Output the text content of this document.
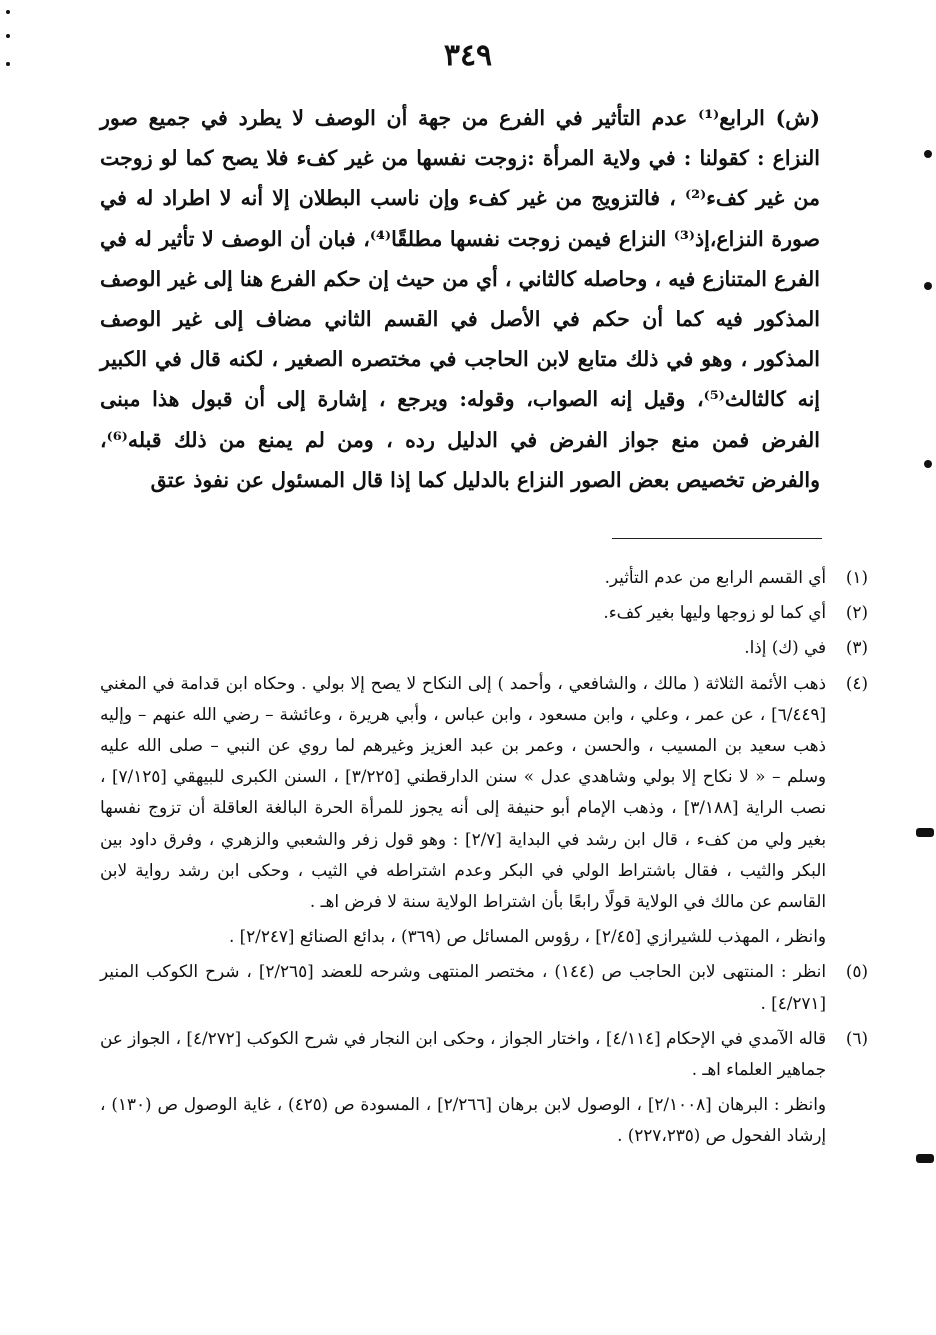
٣٤٩

(ش) الرابع⁽¹⁾ عدم التأثير في الفرع من جهة أن الوصف لا يطرد في جميع صور النزاع : كقولنا : في ولاية المرأة :زوجت نفسها من غير كفء فلا يصح كما لو زوجت من غير كفء⁽²⁾ ، فالتزويج من غير كفء وإن ناسب البطلان إلا أنه لا اطراد له في صورة النزاع،إذ⁽³⁾ النزاع فيمن زوجت نفسها مطلقًا⁽⁴⁾، فبان أن الوصف لا تأثير له في الفرع المتنازع فيه ، وحاصله كالثاني ، أي من حيث إن حكم الفرع هنا إلى غير الوصف المذكور فيه كما أن حكم في الأصل في القسم الثاني مضاف إلى غير الوصف المذكور ، وهو في ذلك متابع لابن الحاجب في مختصره الصغير ، لكنه قال في الكبير إنه كالثالث⁽⁵⁾، وقيل إنه الصواب، وقوله: ويرجع ، إشارة إلى أن قبول هذا مبنى الفرض فمن منع جواز الفرض في الدليل رده ، ومن لم يمنع من ذلك قبله⁽⁶⁾، والفرض تخصيص بعض الصور النزاع بالدليل كما إذا قال المسئول عن نفوذ عتق

(١)

أي القسم الرابع من عدم التأثير.

(٢)

أي كما لو زوجها وليها بغير كفء.

(٣)

في (ك) إذا.

(٤)

ذهب الأئمة الثلاثة ( مالك ، والشافعي ، وأحمد ) إلى النكاح لا يصح إلا بولي . وحكاه ابن قدامة في المغني [٦/٤٤٩] ، عن عمر ، وعلي ، وابن مسعود ، وابن عباس ، وأبي هريرة ، وعائشة – رضي الله عنهم – وإليه ذهب سعيد بن المسيب ، والحسن ، وعمر بن عبد العزيز وغيرهم لما روي عن النبي – صلى الله عليه وسلم – « لا نكاح إلا بولي وشاهدي عدل » سنن الدارقطني [٣/٢٢٥] ، السنن الكبرى للبيهقي [٧/١٢٥] ، نصب الراية [٣/١٨٨] ، وذهب الإمام أبو حنيفة إلى أنه يجوز للمرأة الحرة البالغة العاقلة أن تزوج نفسها بغير ولي من كفء ، قال ابن رشد في البداية [٢/٧] : وهو قول زفر والشعبي والزهري ، وفرق داود بين البكر والثيب ، فقال باشتراط الولي في البكر وعدم اشتراطه في الثيب ، وحكى ابن رشد رواية لابن القاسم عن مالك في الولاية قولًا رابعًا بأن اشتراط الولاية سنة لا فرض اهـ .

وانظر ، المهذب للشيرازي [٢/٤٥] ، رؤوس المسائل ص (٣٦٩) ، بدائع الصنائع [٢/٢٤٧] .
(٥)

انظر : المنتهى لابن الحاجب ص (١٤٤) ، مختصر المنتهى وشرحه للعضد [٢/٢٦٥] ، شرح الكوكب المنير [٤/٢٧١] .

(٦)

قاله الآمدي في الإحكام [٤/١١٤] ، واختار الجواز ، وحكى ابن النجار في شرح الكوكب [٤/٢٧٢] ، الجواز عن جماهير العلماء اهـ .

وانظر : البرهان [٢/١٠٠٨] ، الوصول لابن برهان [٢/٢٦٦] ، المسودة ص (٤٢٥) ، غاية الوصول ص (١٣٠) ، إرشاد الفحول ص (٢٢٧،٢٣٥) .
